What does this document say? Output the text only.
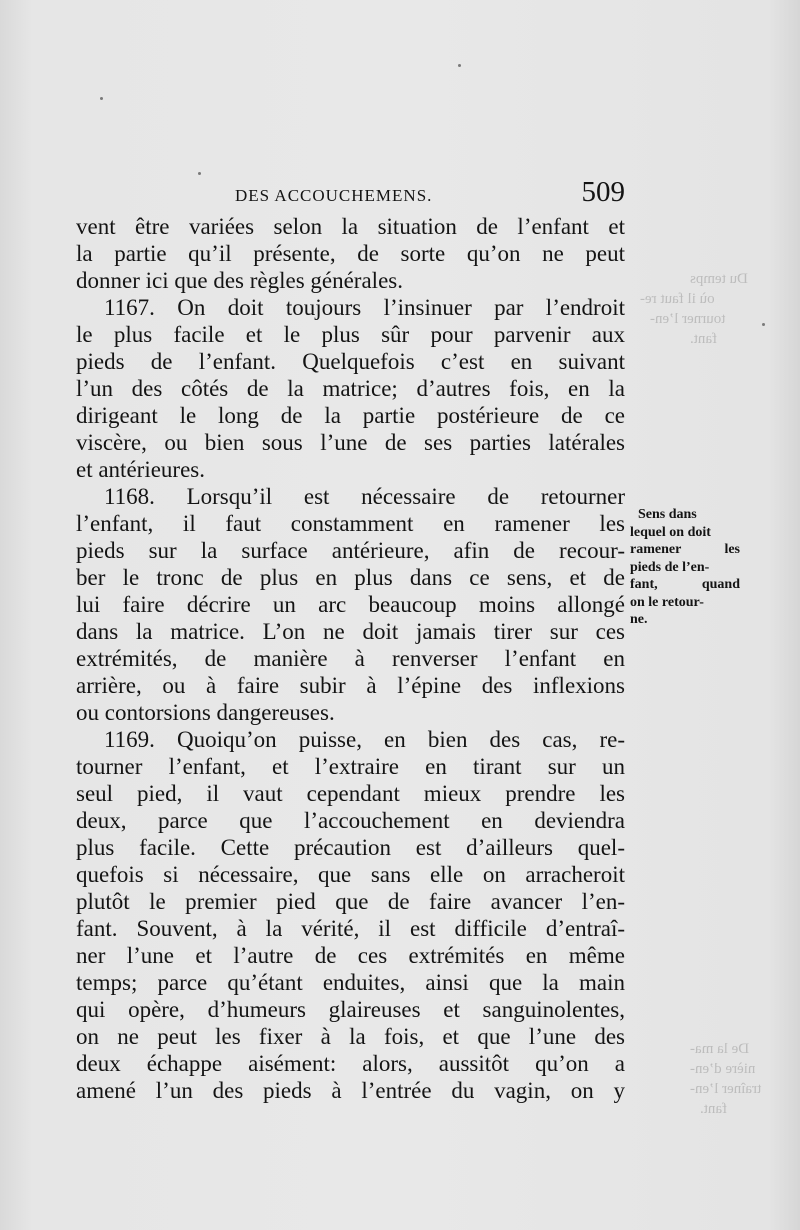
Du temps
où il faut re-
tourner l’en-
fant.
De la ma-
nière d’en-
traîner l’en-
fant.
DES ACCOUCHEMENS.	509
vent être variées selon la situation de l’enfant et
la partie qu’il présente, de sorte qu’on ne peut
donner ici que des règles générales.
1167. On doit toujours l’insinuer par l’endroit
le plus facile et le plus sûr pour parvenir aux
pieds de l’enfant. Quelquefois c’est en suivant
l’un des côtés de la matrice; d’autres fois, en la
dirigeant le long de la partie postérieure de ce
viscère, ou bien sous l’une de ses parties latérales
et antérieures.
1168. Lorsqu’il est nécessaire de retourner
l’enfant, il faut constamment en ramener les
pieds sur la surface antérieure, afin de recour-
ber le tronc de plus en plus dans ce sens, et de
lui faire décrire un arc beaucoup moins allongé
dans la matrice. L’on ne doit jamais tirer sur ces
extrémités, de manière à renverser l’enfant en
arrière, ou à faire subir à l’épine des inflexions
ou contorsions dangereuses.
1169. Quoiqu’on puisse, en bien des cas, re-
tourner l’enfant, et l’extraire en tirant sur un
seul pied, il vaut cependant mieux prendre les
deux, parce que l’accouchement en deviendra
plus facile. Cette précaution est d’ailleurs quel-
quefois si nécessaire, que sans elle on arracheroit
plutôt le premier pied que de faire avancer l’en-
fant. Souvent, à la vérité, il est difficile d’entraî-
ner l’une et l’autre de ces extrémités en même
temps; parce qu’étant enduites, ainsi que la main
qui opère, d’humeurs glaireuses et sanguinolentes,
on ne peut les fixer à la fois, et que l’une des
deux échappe aisément: alors, aussitôt qu’on a
amené l’un des pieds à l’entrée du vagin, on y
Sens dans
lequel on doit
ramener les
pieds de l’en-
fant, quand
on le retour-
ne.
